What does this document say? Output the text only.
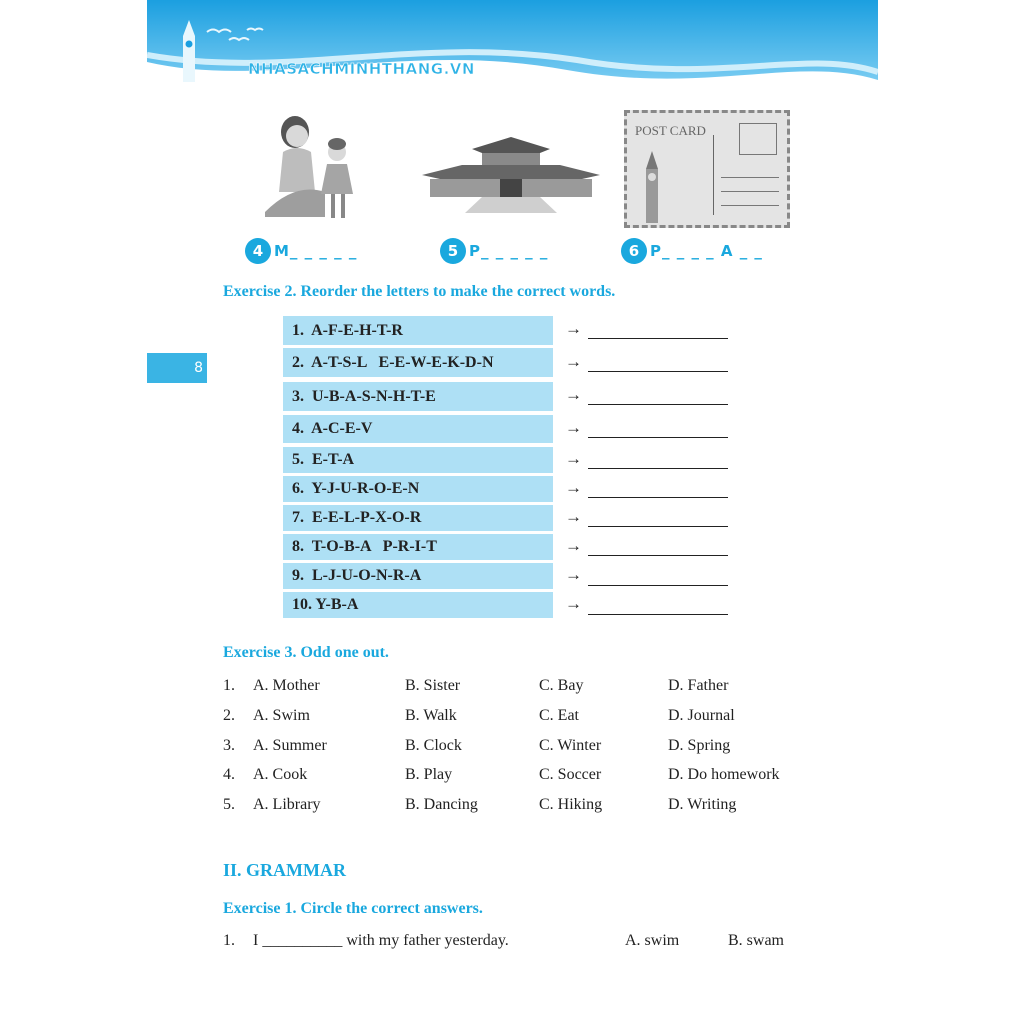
NHASACHMINHTHANG.VN
8
POST CARD
4 M_ _ _ _ _	5 P_ _ _ _ _	6 P_ _ _ _ A _ _
Exercise 2. Reorder the letters to make the correct words.
1.  A-F-E-H-T-R	→
2.  A-T-S-L   E-E-W-E-K-D-N	→
3.  U-B-A-S-N-H-T-E	→
4.  A-C-E-V	→
5.  E-T-A	→
6.  Y-J-U-R-O-E-N	→
7.  E-E-L-P-X-O-R	→
8.  T-O-B-A   P-R-I-T	→
9.  L-J-U-O-N-R-A	→
10. Y-B-A	→
Exercise 3. Odd one out.
1. A. Mother	B. Sister	C. Bay	D. Father
2. A. Swim	B. Walk	C. Eat	D. Journal
3. A. Summer	B. Clock	C. Winter	D. Spring
4. A. Cook	B. Play	C. Soccer	D. Do homework
5. A. Library	B. Dancing	C. Hiking	D. Writing
II. GRAMMAR
Exercise 1. Circle the correct answers.
1. I __________ with my father yesterday.	A. swim	B. swam
